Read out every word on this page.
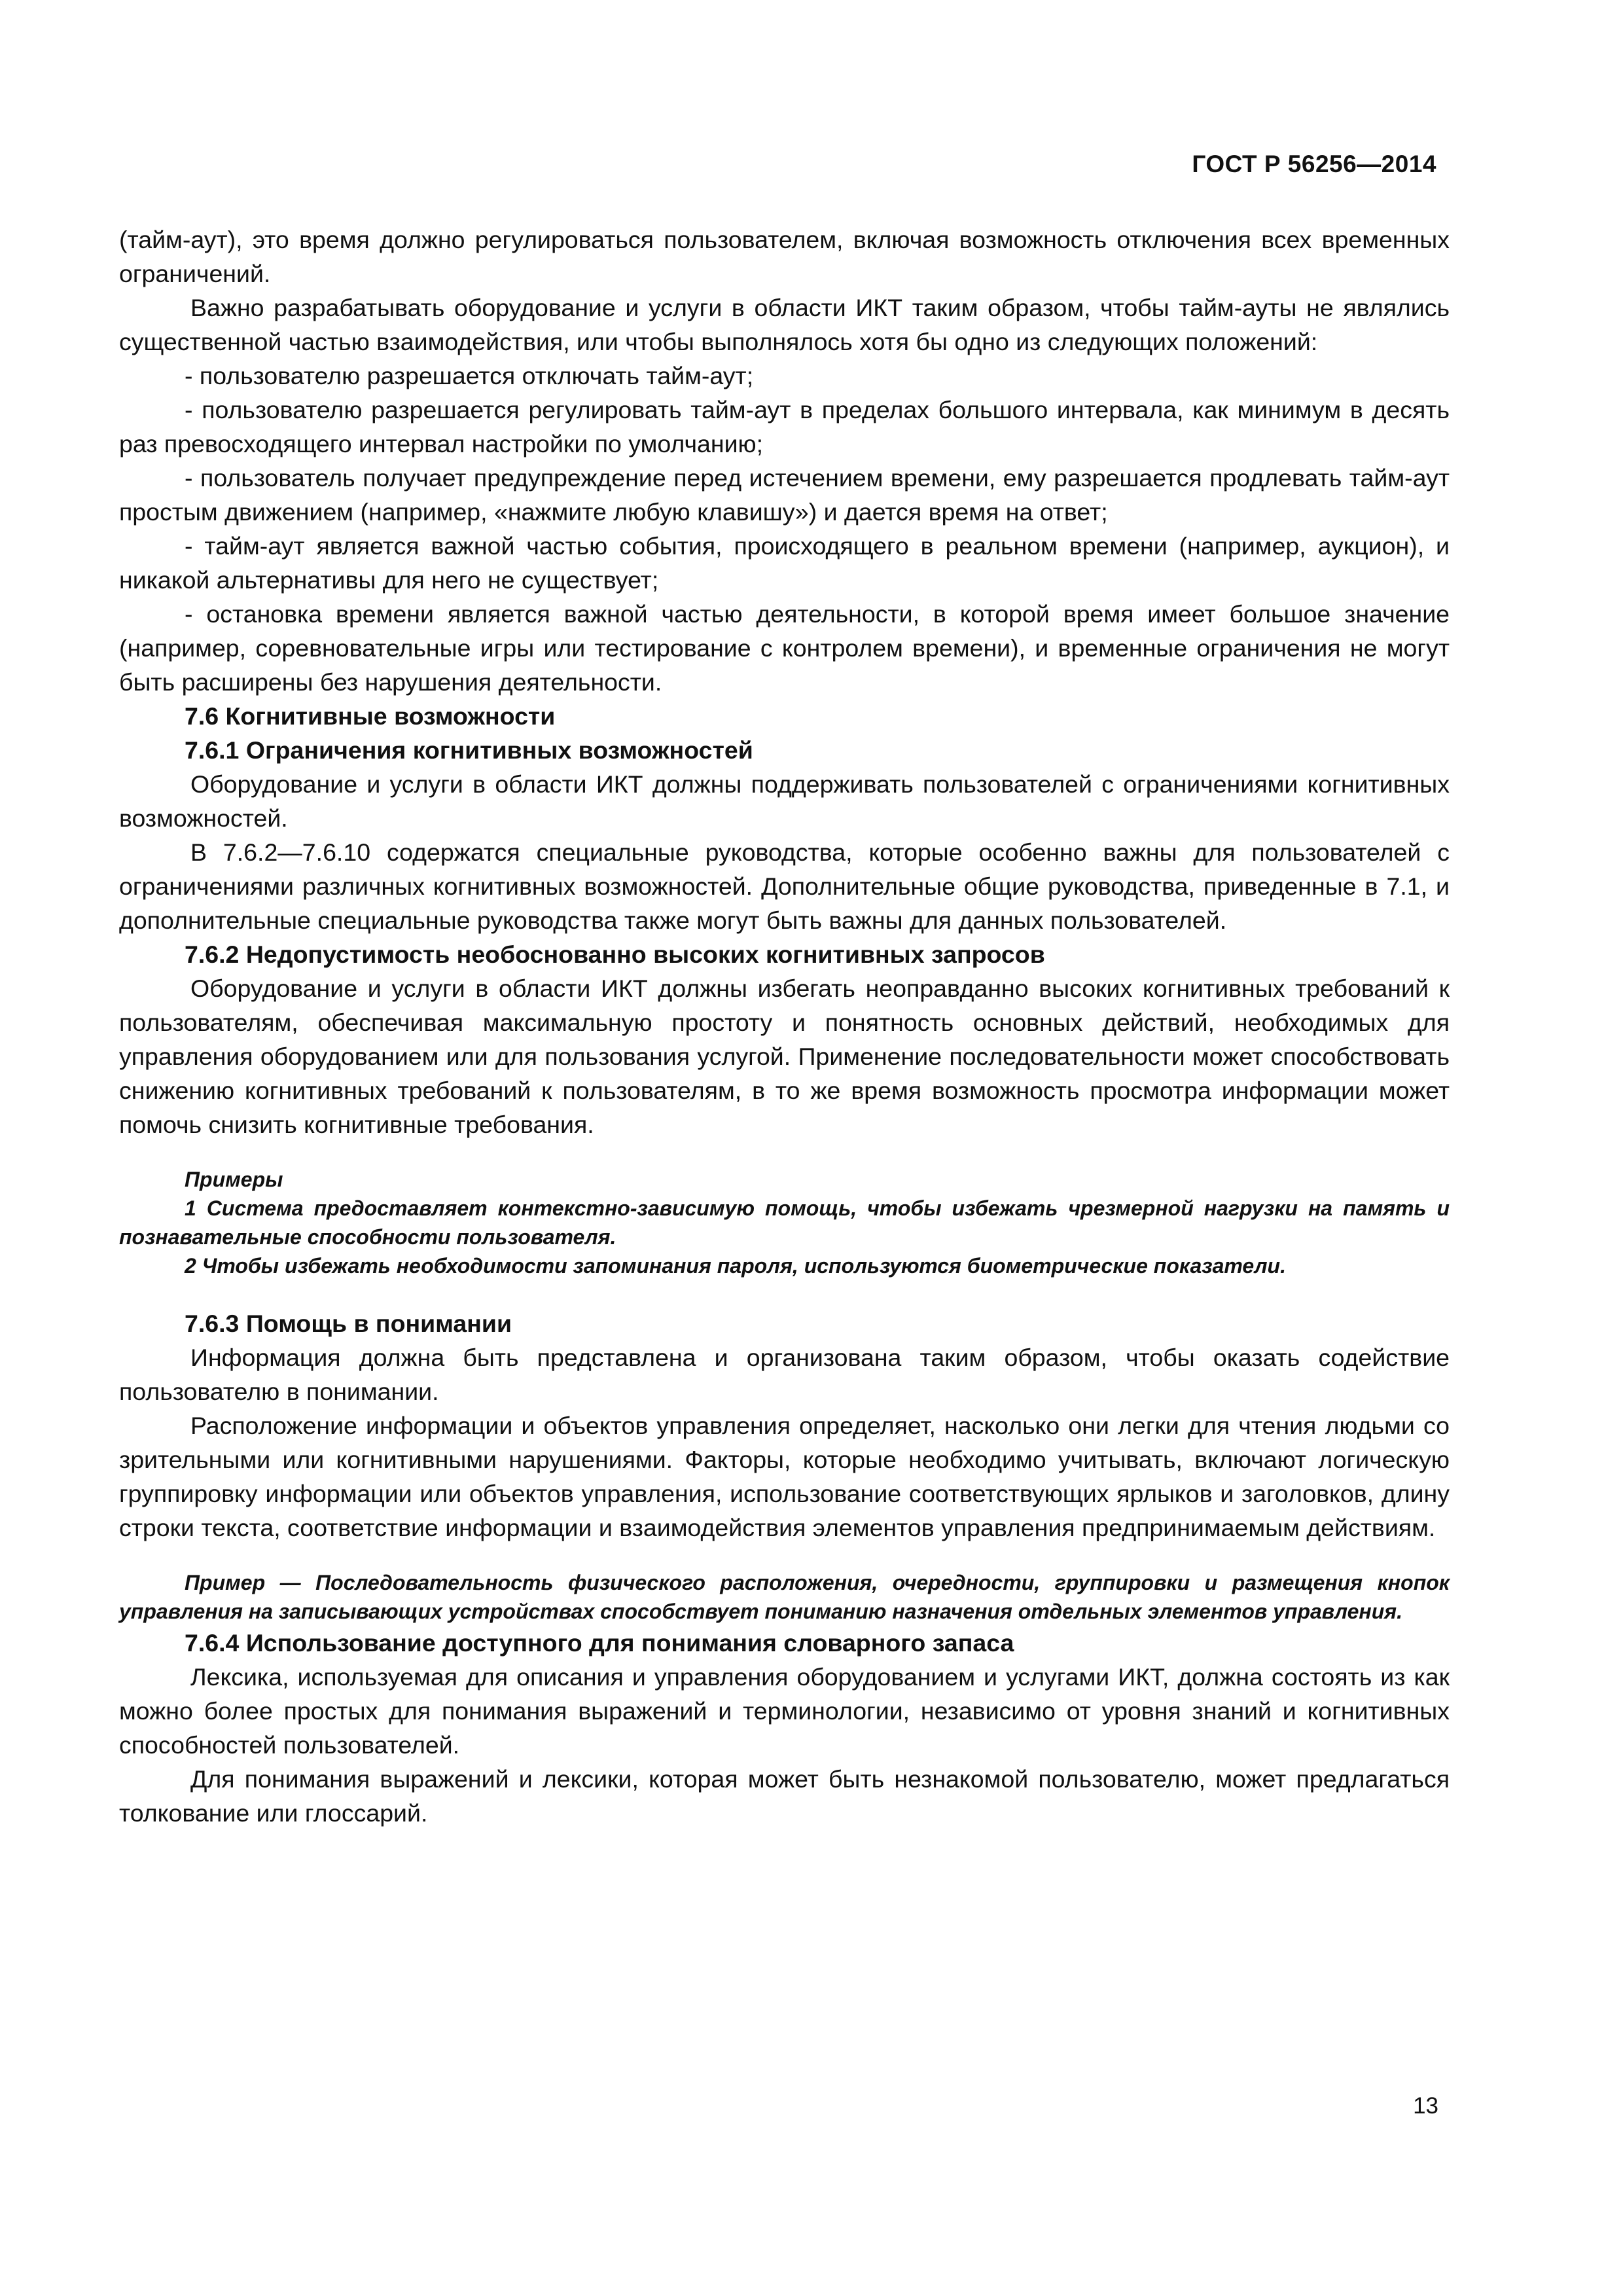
ГОСТ Р 56256—2014

(тайм-аут), это время должно регулироваться пользователем, включая возможность отключения всех временных ограничений.

Важно разрабатывать оборудование и услуги в области ИКТ таким образом, чтобы тайм-ауты не являлись существенной частью взаимодействия, или чтобы выполнялось хотя бы одно из следующих положений:

- пользователю разрешается отключать тайм-аут;

- пользователю разрешается регулировать тайм-аут в пределах большого интервала, как минимум в десять раз превосходящего интервал настройки по умолчанию;

- пользователь получает предупреждение перед истечением времени, ему разрешается продлевать тайм-аут простым движением (например, «нажмите любую клавишу») и дается время на ответ;

- тайм-аут является важной частью события, происходящего в реальном времени (например, аукцион), и никакой альтернативы для него не существует;

- остановка времени является важной частью деятельности, в которой время имеет большое значение (например, соревновательные игры или тестирование с контролем времени), и временные ограничения не могут быть расширены без нарушения деятельности.

7.6 Когнитивные возможности

7.6.1 Ограничения когнитивных возможностей

Оборудование и услуги в области ИКТ должны поддерживать пользователей с ограничениями когнитивных возможностей.

В 7.6.2—7.6.10 содержатся специальные руководства, которые особенно важны для пользователей с ограничениями различных когнитивных возможностей. Дополнительные общие руководства, приведенные в 7.1, и дополнительные специальные руководства также могут быть важны для данных пользователей.

7.6.2 Недопустимость необоснованно высоких когнитивных запросов

Оборудование и услуги в области ИКТ должны избегать неоправданно высоких когнитивных требований к пользователям, обеспечивая максимальную простоту и понятность основных действий, необходимых для управления оборудованием или для пользования услугой. Применение последовательности может способствовать снижению когнитивных требований к пользователям, в то же время возможность просмотра информации может помочь снизить когнитивные требования.

Примеры

1 Система предоставляет контекстно-зависимую помощь, чтобы избежать чрезмерной нагрузки на память и познавательные способности пользователя.

2 Чтобы избежать необходимости запоминания пароля, используются биометрические показатели.

7.6.3 Помощь в понимании

Информация должна быть представлена и организована таким образом, чтобы оказать содействие пользователю в понимании.

Расположение информации и объектов управления определяет, насколько они легки для чтения людьми со зрительными или когнитивными нарушениями. Факторы, которые необходимо учитывать, включают логическую группировку информации или объектов управления, использование соответствующих ярлыков и заголовков, длину строки текста, соответствие информации и взаимодействия элементов управления предпринимаемым действиям.

Пример — Последовательность физического расположения, очередности, группировки и размещения кнопок управления на записывающих устройствах способствует пониманию назначения отдельных элементов управления.

7.6.4 Использование доступного для понимания словарного запаса

Лексика, используемая для описания и управления оборудованием и услугами ИКТ, должна состоять из как можно более простых для понимания выражений и терминологии, независимо от уровня знаний и когнитивных способностей пользователей.

Для понимания выражений и лексики, которая может быть незнакомой пользователю, может предлагаться толкование или глоссарий.

13
